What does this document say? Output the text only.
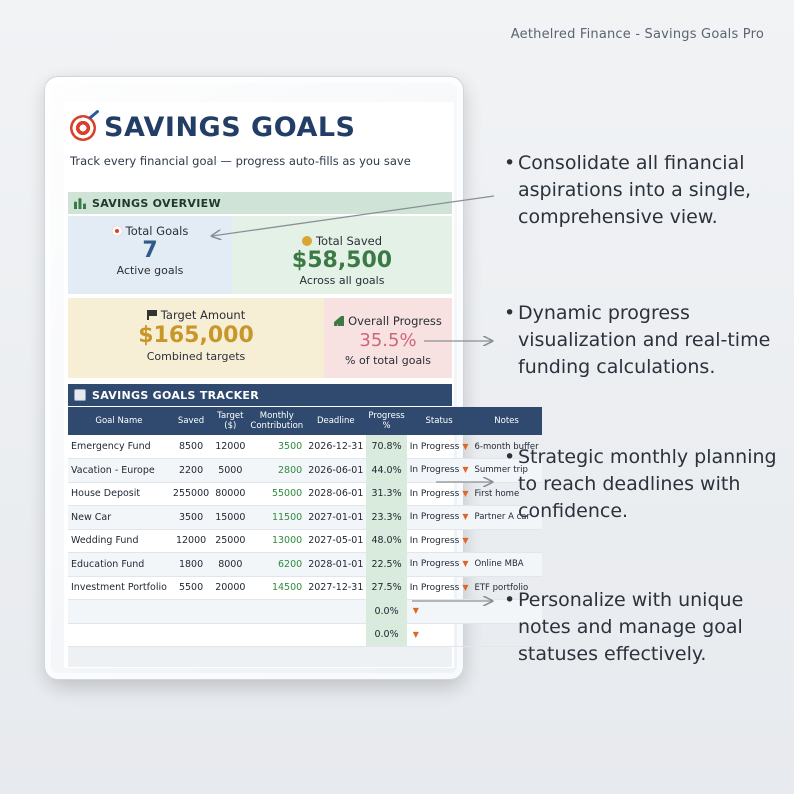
Aethelred Finance - Savings Goals Pro
SAVINGS GOALS
Track every financial goal — progress auto-fills as you save
SAVINGS OVERVIEW
Total Goals
7
Active goals
Total Saved
$58,500
Across all goals
Target Amount
$165,000
Combined targets
Overall Progress
35.5%
% of total goals
SAVINGS GOALS TRACKER
Goal Name	Saved	Target ($)	Monthly Contribution	Deadline	Progress %	Status	Notes
Emergency Fund	8500	12000	3500	2026-12-31	70.8%	In Progress ▼	6-month buffer
Vacation - Europe	2200	5000	2800	2026-06-01	44.0%	In Progress ▼	Summer trip
House Deposit	255000	80000	55000	2028-06-01	31.3%	In Progress ▼	First home
New Car	3500	15000	11500	2027-01-01	23.3%	In Progress ▼	Partner A car
Wedding Fund	12000	25000	13000	2027-05-01	48.0%	In Progress ▼	
Education Fund	1800	8000	6200	2028-01-01	22.5%	In Progress ▼	Online MBA
Investment Portfolio	5500	20000	14500	2027-12-31	27.5%	In Progress ▼	ETF portfolio
					0.0%	▼	
					0.0%	▼	
• Consolidate all financial aspirations into a single, comprehensive view.
• Dynamic progress visualization and real-time funding calculations.
• Strategic monthly planning to reach deadlines with confidence.
• Personalize with unique notes and manage goal statuses effectively.
